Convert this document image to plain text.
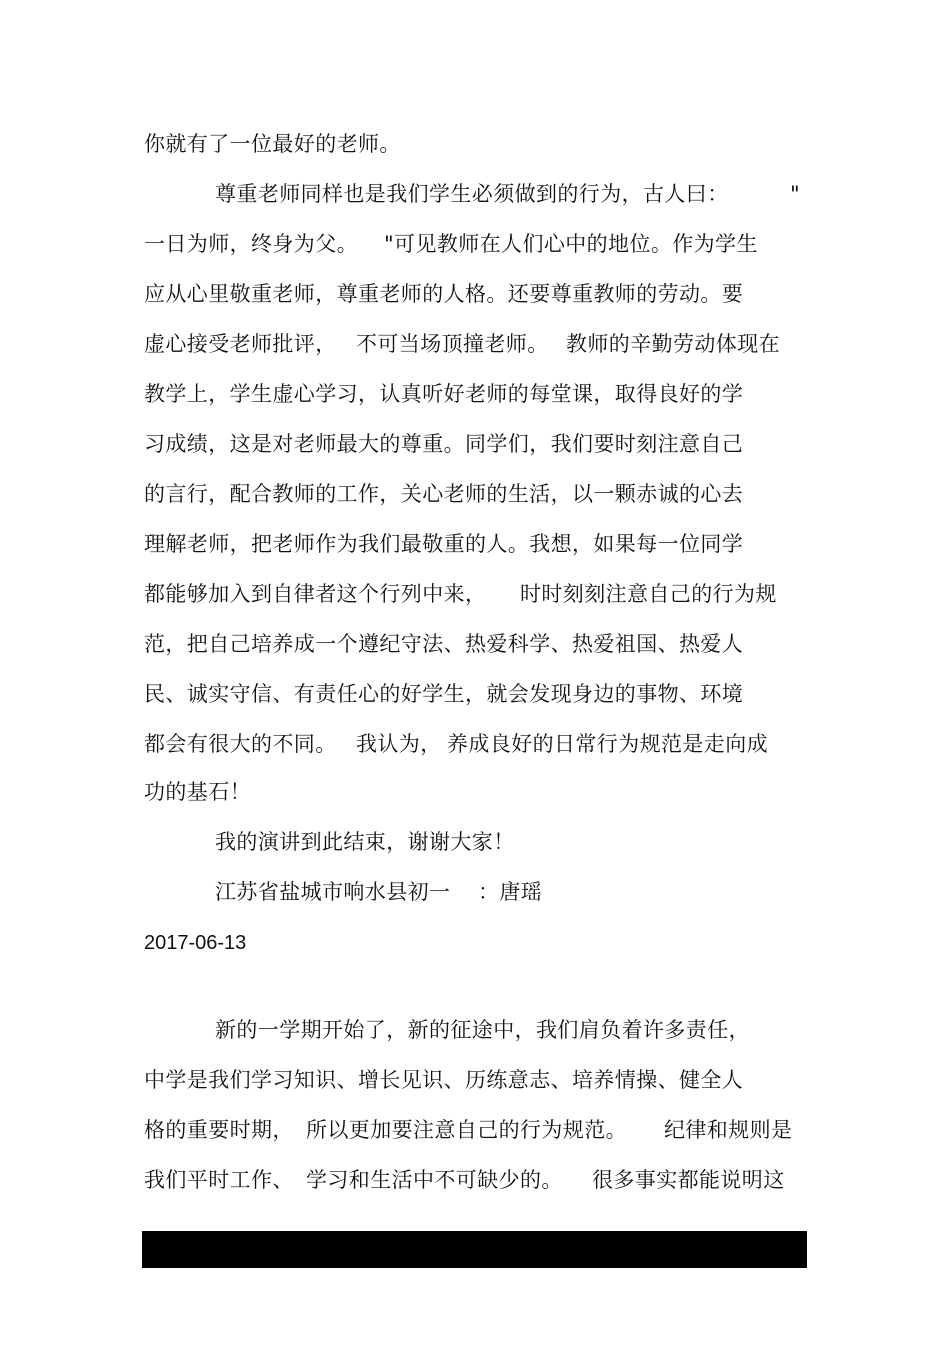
你就有了一位最好的老师。
尊重老师同样也是我们学生必须做到的行为，古人曰：	"
一日为师，终身为父。 "可见教师在人们心中的地位。作为学生
应从心里敬重老师，尊重老师的人格。还要尊重教师的劳动。要
虚心接受老师批评， 不可当场顶撞老师。 教师的辛勤劳动体现在
教学上，学生虚心学习，认真听好老师的每堂课，取得良好的学
习成绩，这是对老师最大的尊重。同学们，我们要时刻注意自己
的言行，配合教师的工作，关心老师的生活，以一颗赤诚的心去
理解老师，把老师作为我们最敬重的人。我想，如果每一位同学
都能够加入到自律者这个行列中来， 时时刻刻注意自己的行为规
范，把自己培养成一个遵纪守法、热爱科学、热爱祖国、热爱人
民、诚实守信、有责任心的好学生，就会发现身边的事物、环境
都会有很大的不同。 我认为， 养成良好的日常行为规范是走向成
功的基石！
我的演讲到此结束，谢谢大家！
江苏省盐城市响水县初一 ：唐瑶
2017-06-13
新的一学期开始了，新的征途中，我们肩负着许多责任，
中学是我们学习知识、增长见识、历练意志、培养情操、健全人
格的重要时期， 所以更加要注意自己的行为规范。 纪律和规则是
我们平时工作、 学习和生活中不可缺少的。 很多事实都能说明这
